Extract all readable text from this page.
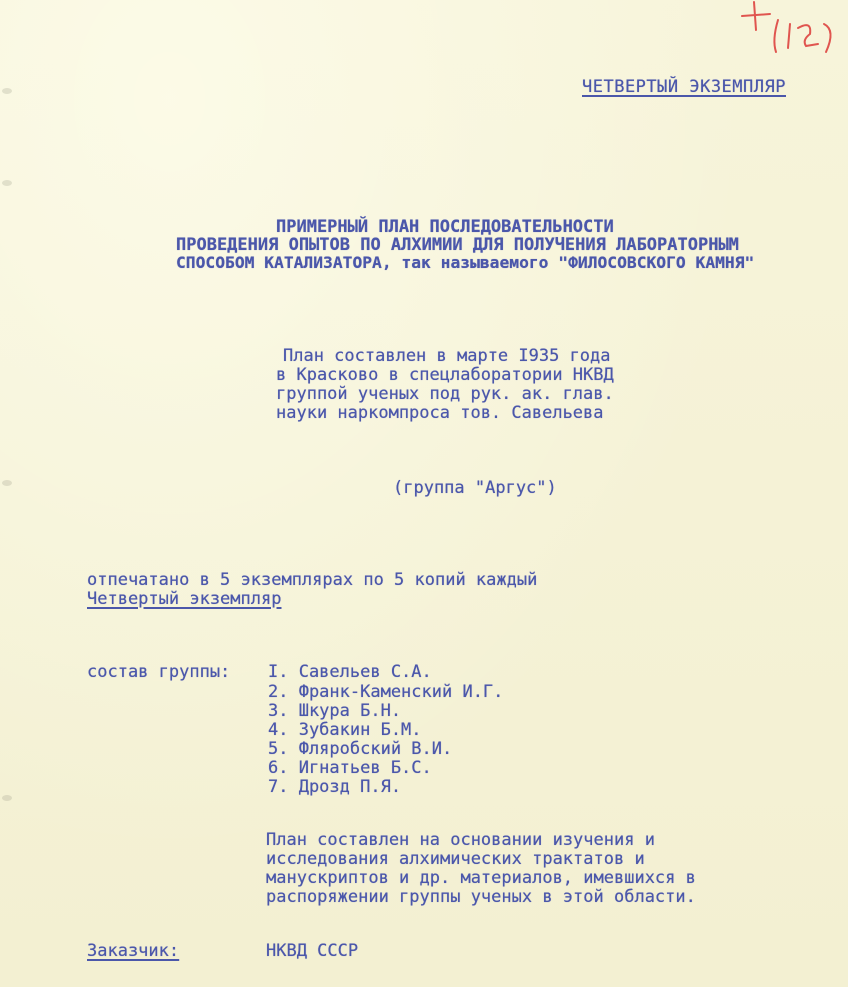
ЧЕТВЕРТЫЙ ЭКЗЕМПЛЯР
ПРИМЕРНЫЙ ПЛАН ПОСЛЕДОВАТЕЛЬНОСТИ
ПРОВЕДЕНИЯ ОПЫТОВ ПО АЛХИМИИ ДЛЯ ПОЛУЧЕНИЯ ЛАБОРАТОРНЫМ
СПОСОБОМ КАТАЛИЗАТОРА, так называемого "ФИЛОСОВСКОГО КАМНЯ"
План составлен в марте I935 года
в Красково в спецлаборатории НКВД
группой ученых под рук. ак. глав.
науки наркомпроса тов. Савельева
(группа "Аргус")
отпечатано в 5 экземплярах по 5 копий каждый
Четвертый экземпляр
состав группы: I. Савельев С.А.
2. Франк-Каменский И.Г.
3. Шкура Б.Н.
4. Зубакин Б.М.
5. Фляробский В.И.
6. Игнатьев Б.С.
7. Дрозд П.Я.
План составлен на основании изучения и
исследования алхимических трактатов и
манускриптов и др. материалов, имевшихся в
распоряжении группы ученых в этой области.
Заказчик:	НКВД СССР
